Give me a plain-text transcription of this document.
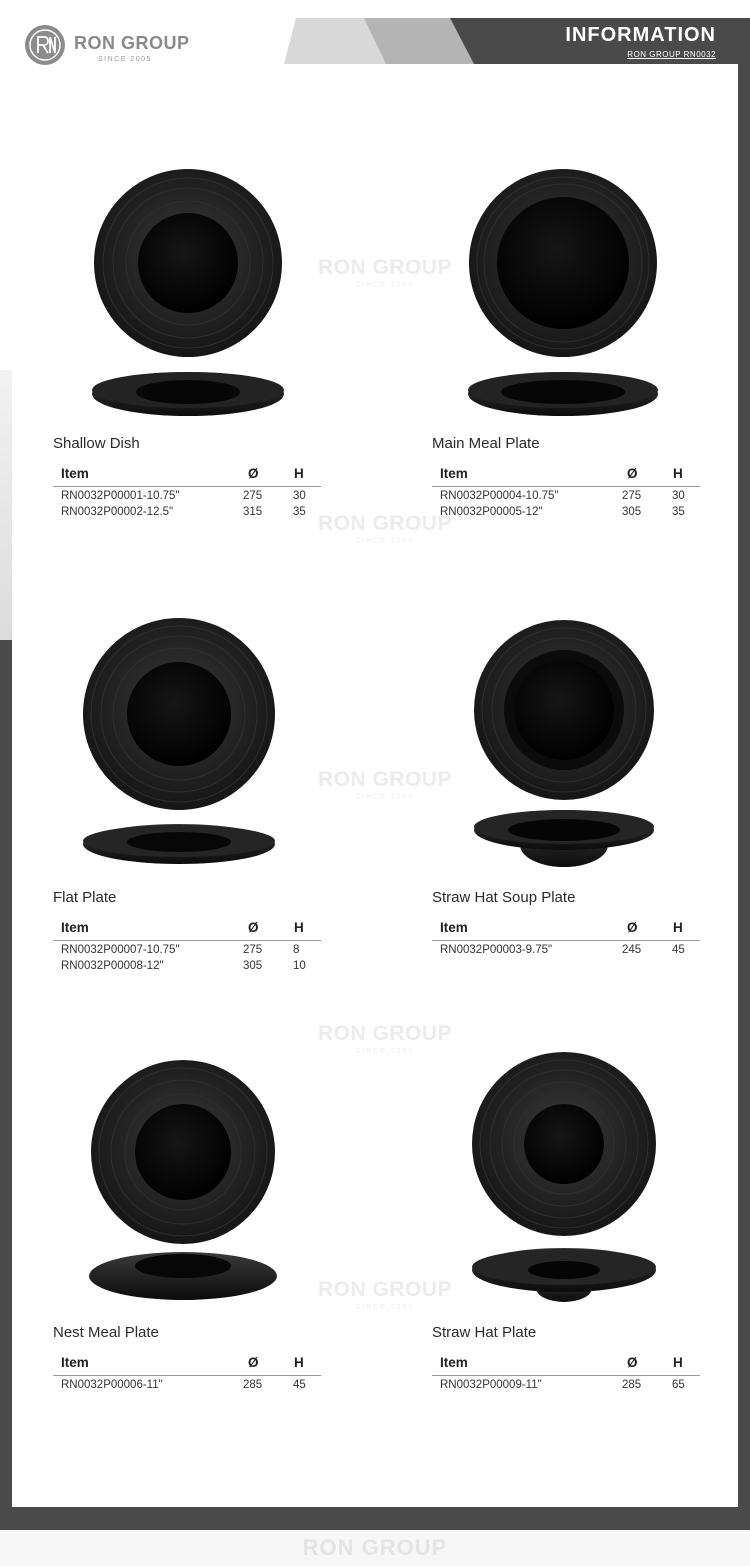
RON GROUP
RON GROUP
SINCE 2005
INFORMATION
RON GROUP RN0032
RON GROUP
SINCE 2005
RON GROUP
SINCE 2005
RON GROUP
SINCE 2005
RON GROUP
SINCE 2005
RON GROUP
SINCE 2005
Shallow Dish
Item	Ø	H
RN0032P00001-10.75"	275	30
RN0032P00002-12.5"	315	35
Main Meal Plate
Item	Ø	H
RN0032P00004-10.75"	275	30
RN0032P00005-12"	305	35
Flat Plate
Item	Ø	H
RN0032P00007-10.75"	275	8
RN0032P00008-12"	305	10
Straw Hat Soup Plate
Item	Ø	H
RN0032P00003-9.75"	245	45
Nest Meal Plate
Item	Ø	H
RN0032P00006-11"	285	45
Straw Hat Plate
Item	Ø	H
RN0032P00009-11"	285	65
